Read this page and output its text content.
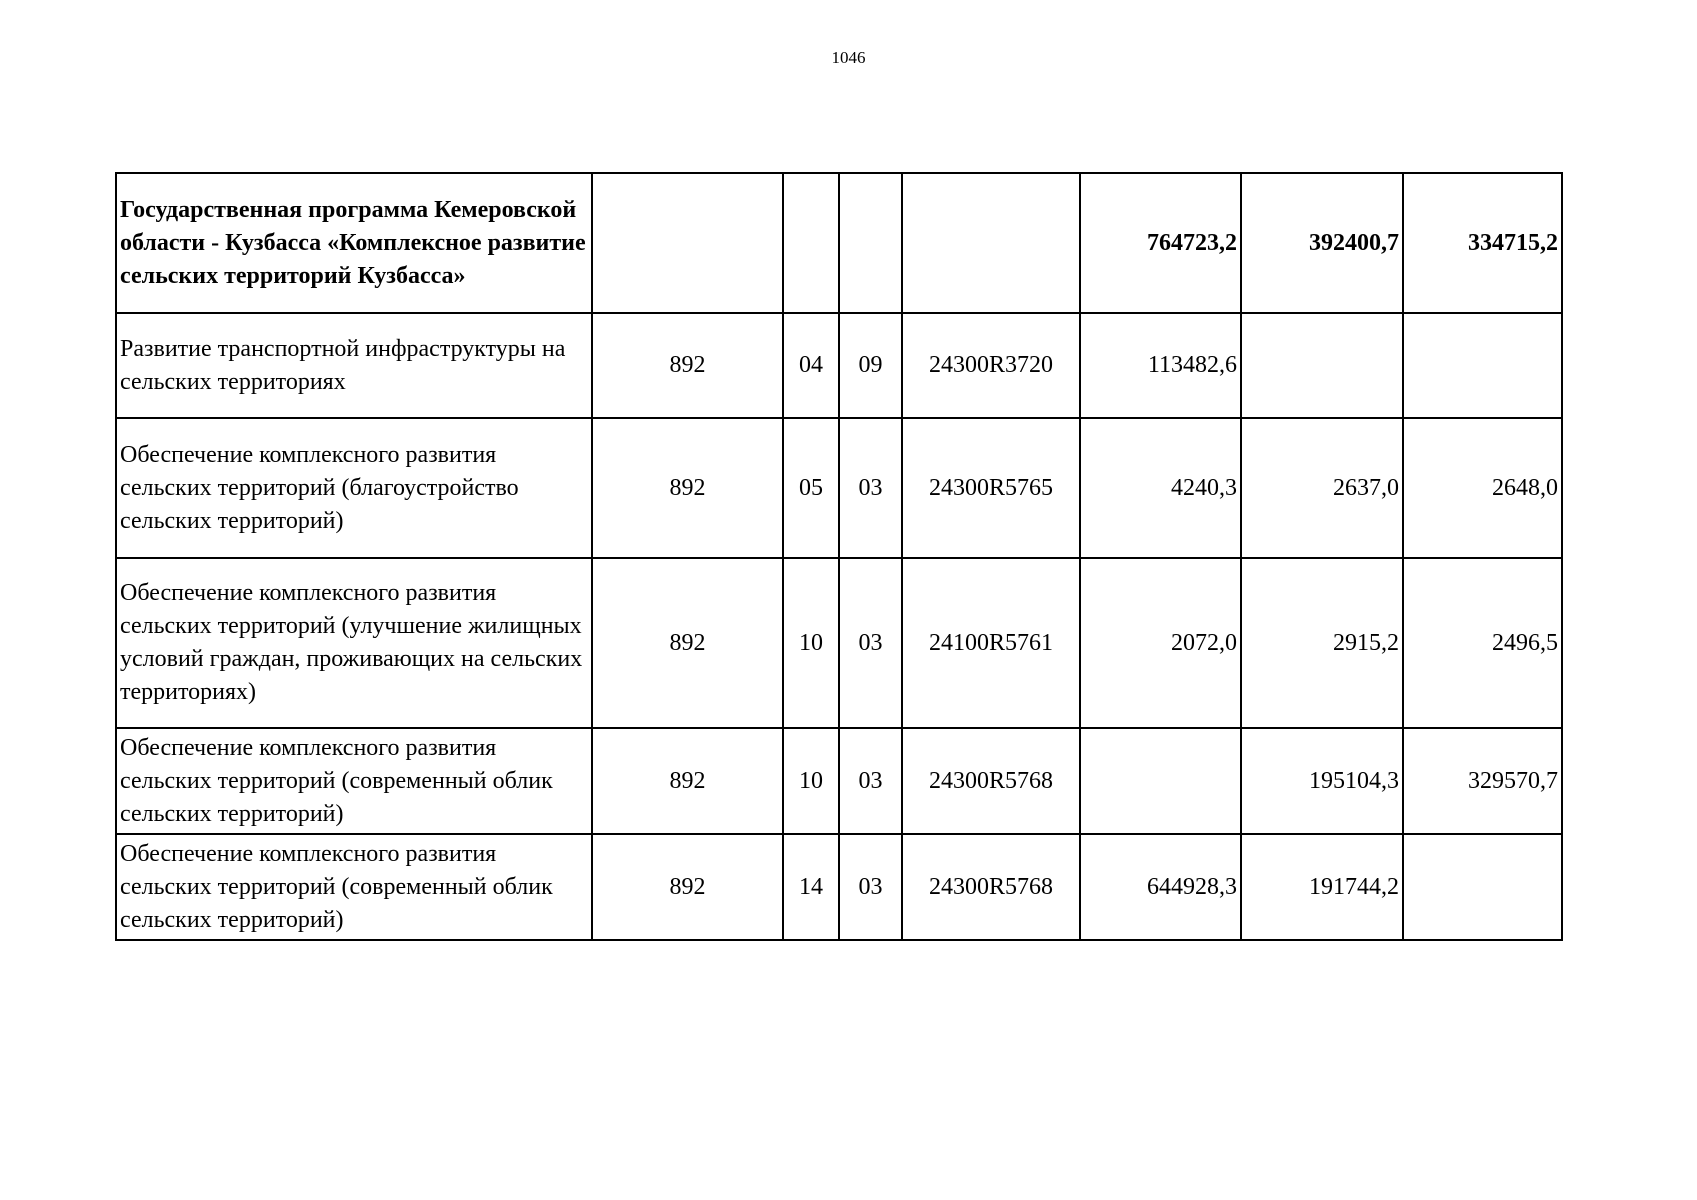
1046
Государственная программа Кемеровской области - Кузбасса «Комплексное развитие сельских территорий Кузбасса»					764723,2	392400,7	334715,2
Развитие транспортной инфраструктуры на сельских территориях	892	04	09	24300R3720	113482,6		
Обеспечение комплексного развития сельских территорий (благоустройство сельских территорий)	892	05	03	24300R5765	4240,3	2637,0	2648,0
Обеспечение комплексного развития сельских территорий (улучшение жилищных условий граждан, проживающих на сельских территориях)	892	10	03	24100R5761	2072,0	2915,2	2496,5
Обеспечение комплексного развития сельских территорий (современный облик сельских территорий)	892	10	03	24300R5768		195104,3	329570,7
Обеспечение комплексного развития сельских территорий (современный облик сельских территорий)	892	14	03	24300R5768	644928,3	191744,2	
